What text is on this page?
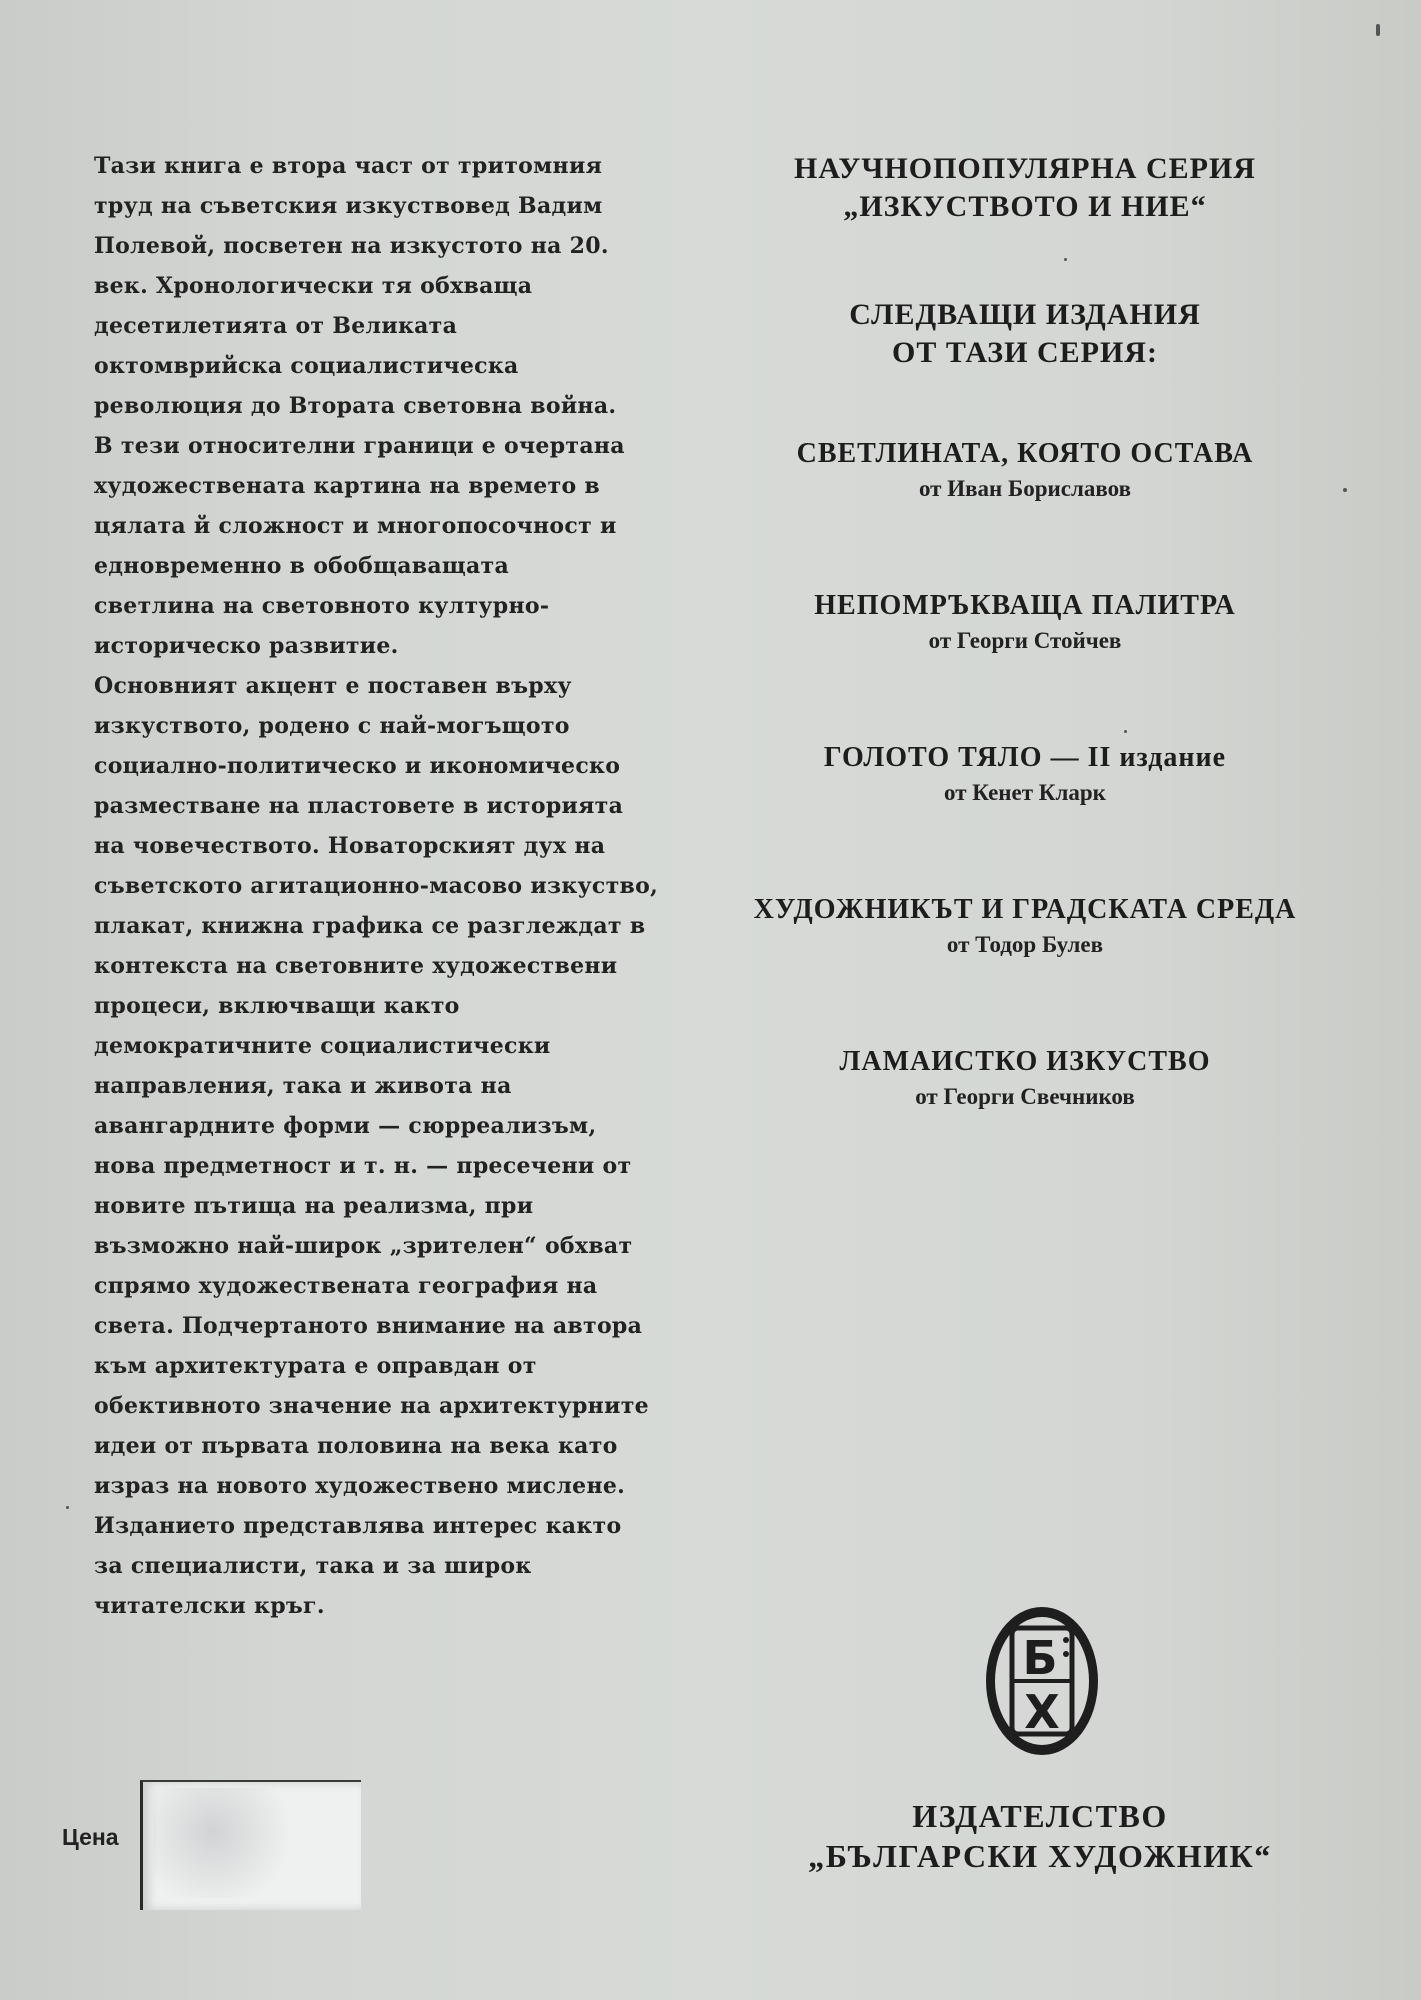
Тази книга е втора част от тритомния

труд на съветския изкуствовед Вадим

Полевой, посветен на изкустото на 20.

век. Хронологически тя обхваща

десетилетията от Великата

октомврийска социалистическа

революция до Втората световна война.

В тези относителни граници е очертана

художествената картина на времето в

цялата й сложност и многопосочност и

едновременно в обобщаващата

светлина на световното културно-

историческо развитие.

Основният акцент е поставен върху

изкуството, родено с най-могъщото

социално-политическо и икономическо

разместване на пластовете в историята

на човечеството. Новаторският дух на

съветското агитационно-масово изкуство,

плакат, книжна графика се разглеждат в

контекста на световните художествени

процеси, включващи както

демократичните социалистически

направления, така и живота на

авангардните форми — сюрреализъм,

нова предметност и т. н. — пресечени от

новите пътища на реализма, при

възможно най-широк „зрителен“ обхват

спрямо художествената география на

света. Подчертаното внимание на автора

към архитектурата е оправдан от

обективното значение на архитектурните

идеи от първата половина на века като

израз на новото художествено мислене.

Изданието представлява интерес както

за специалисти, така и за широк

читателски кръг.

НАУЧНОПОПУЛЯРНА СЕРИЯ
„ИЗКУСТВОТО И НИЕ“
СЛЕДВАЩИ ИЗДАНИЯ
ОТ ТАЗИ СЕРИЯ:
СВЕТЛИНАТА, КОЯТО ОСТАВА
от Иван Бориславов
НЕПОМРЪКВАЩА ПАЛИТРА
от Георги Стойчев
ГОЛОТО ТЯЛО — II издание
от Кенет Кларк
ХУДОЖНИКЪТ И ГРАДСКАТА СРЕДА
от Тодор Булев
ЛАМАИСТКО ИЗКУСТВО
от Георги Свечников
Б
Х
ИЗДАТЕЛСТВО
„БЪЛГАРСКИ ХУДОЖНИК“
Цена
